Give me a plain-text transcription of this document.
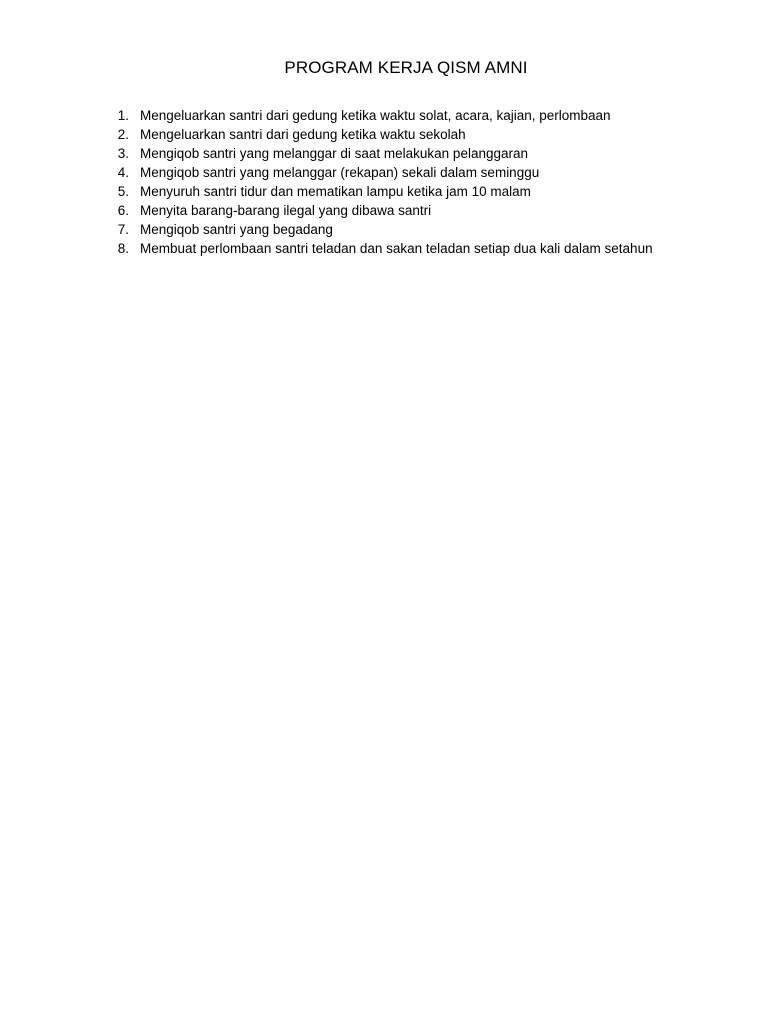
PROGRAM KERJA QISM AMNI
1. Mengeluarkan santri dari gedung ketika waktu solat, acara, kajian, perlombaan
2. Mengeluarkan santri dari gedung ketika waktu sekolah
3. Mengiqob santri yang melanggar di saat melakukan pelanggaran
4. Mengiqob santri yang melanggar (rekapan) sekali dalam seminggu
5. Menyuruh santri tidur dan mematikan lampu ketika jam 10 malam
6. Menyita barang-barang ilegal yang dibawa santri
7. Mengiqob santri yang begadang
8. Membuat perlombaan santri teladan dan sakan teladan setiap dua kali dalam setahun
